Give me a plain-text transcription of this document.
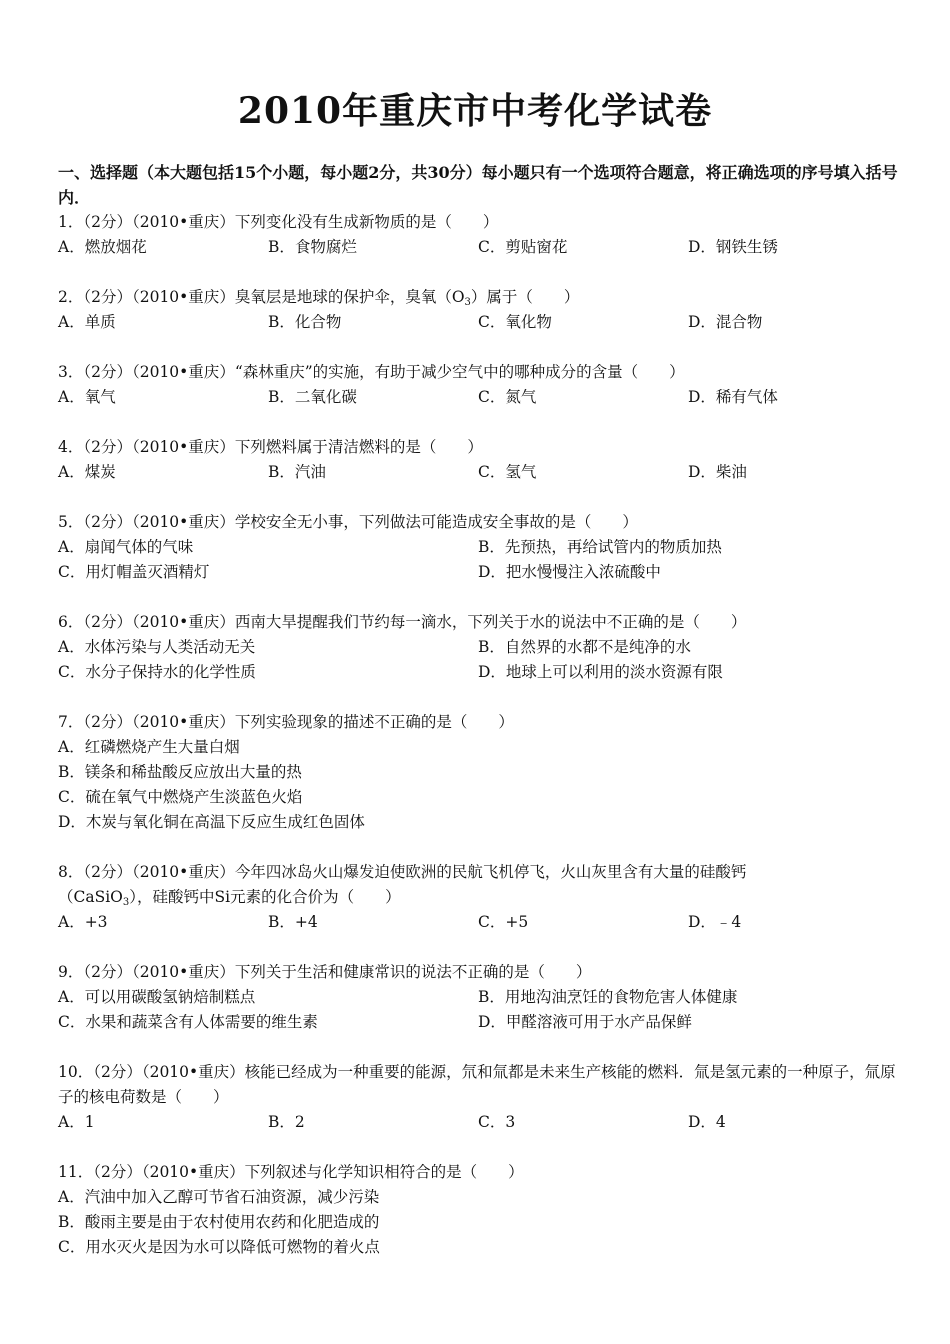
2010年重庆市中考化学试卷

一、选择题（本大题包括15个小题，每小题2分，共30分）每小题只有一个选项符合题意，将正确选项的序号填入括号内．

1．（2分）（2010•重庆）下列变化没有生成新物质的是（　　）

A．燃放烟花	B．食物腐烂	C．剪贴窗花	D．钢铁生锈

2．（2分）（2010•重庆）臭氧层是地球的保护伞，臭氧$(O_3)$属于（　　）

A．单质	B．化合物	C．氧化物	D．混合物

3．（2分）（2010•重庆）“森林重庆”的实施，有助于减少空气中的哪种成分的含量（　　）

A．氧气	B．二氧化碳	C．氮气	D．稀有气体

4．（2分）（2010•重庆）下列燃料属于清洁燃料的是（　　）

A．煤炭	B．汽油	C．氢气	D．柴油

5．（2分）（2010•重庆）学校安全无小事，下列做法可能造成安全事故的是（　　）

A．扇闻气体的气味	B．先预热，再给试管内的物质加热
C．用灯帽盖灭酒精灯	D．把水慢慢注入浓硫酸中

6．（2分）（2010•重庆）西南大旱提醒我们节约每一滴水，下列关于水的说法中不正确的是（　　）

A．水体污染与人类活动无关	B．自然界的水都不是纯净的水
C．水分子保持水的化学性质	D．地球上可以利用的淡水资源有限

7．（2分）（2010•重庆）下列实验现象的描述不正确的是（　　）

A．红磷燃烧产生大量白烟
B．镁条和稀盐酸反应放出大量的热
C．硫在氧气中燃烧产生淡蓝色火焰
D．木炭与氧化铜在高温下反应生成红色固体

8．（2分）（2010•重庆）今年四冰岛火山爆发迫使欧洲的民航飞机停飞，火山灰里含有大量的硅酸钙

（CaSiO$_3$），硅酸钙中Si元素的化合价为（　　）

A．+3	B．+4	C．+5	D．﹣4

9．（2分）（2010•重庆）下列关于生活和健康常识的说法不正确的是（　　）

A．可以用碳酸氢钠焙制糕点	B．用地沟油烹饪的食物危害人体健康
C．水果和蔬菜含有人体需要的维生素	D．甲醛溶液可用于水产品保鲜

10．（2分）（2010•重庆）核能已经成为一种重要的能源，氘和氚都是未来生产核能的燃料．氚是氢元素的一种原子，氚原子的核电荷数是（　　）

A．1	B．2	C．3	D．4

11．（2分）（2010•重庆）下列叙述与化学知识相符合的是（　　）

A．汽油中加入乙醇可节省石油资源，减少污染
B．酸雨主要是由于农村使用农药和化肥造成的
C．用水灭火是因为水可以降低可燃物的着火点
